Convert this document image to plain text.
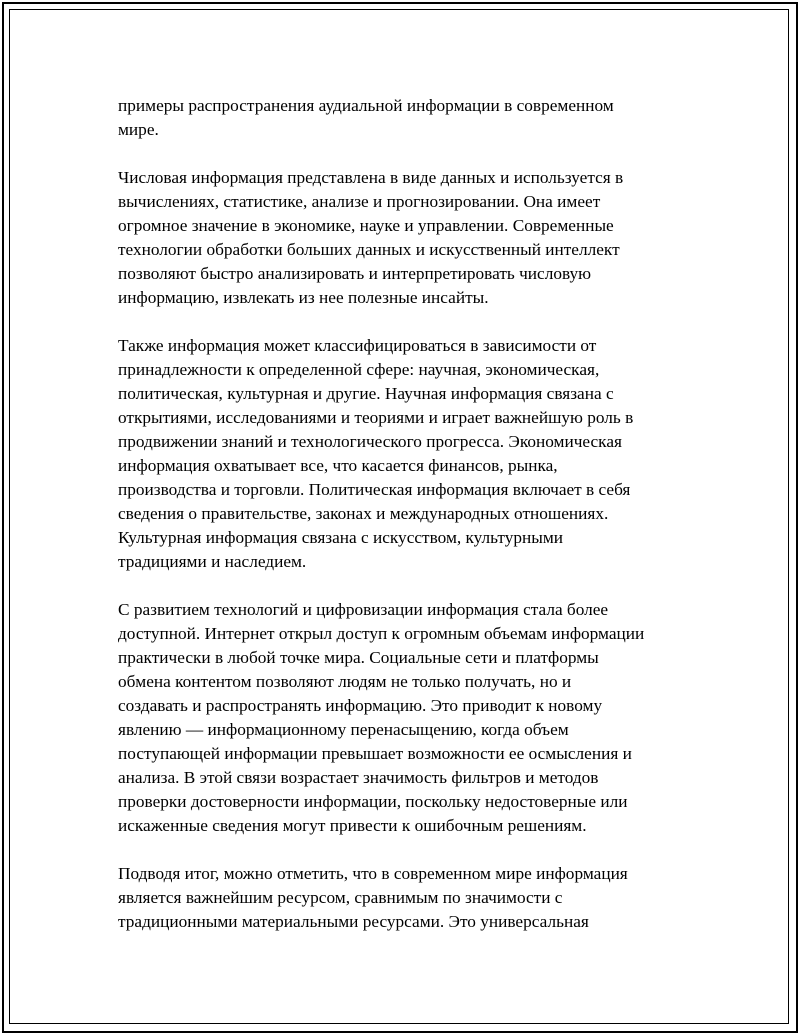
примеры распространения аудиальной информации в современном
мире.

Числовая информация представлена в виде данных и используется в
вычислениях, статистике, анализе и прогнозировании. Она имеет
огромное значение в экономике, науке и управлении. Современные
технологии обработки больших данных и искусственный интеллект
позволяют быстро анализировать и интерпретировать числовую
информацию, извлекать из нее полезные инсайты.

Также информация может классифицироваться в зависимости от
принадлежности к определенной сфере: научная, экономическая,
политическая, культурная и другие. Научная информация связана с
открытиями, исследованиями и теориями и играет важнейшую роль в
продвижении знаний и технологического прогресса. Экономическая
информация охватывает все, что касается финансов, рынка,
производства и торговли. Политическая информация включает в себя
сведения о правительстве, законах и международных отношениях.
Культурная информация связана с искусством, культурными
традициями и наследием.

С развитием технологий и цифровизации информация стала более
доступной. Интернет открыл доступ к огромным объемам информации
практически в любой точке мира. Социальные сети и платформы
обмена контентом позволяют людям не только получать, но и
создавать и распространять информацию. Это приводит к новому
явлению — информационному перенасыщению, когда объем
поступающей информации превышает возможности ее осмысления и
анализа. В этой связи возрастает значимость фильтров и методов
проверки достоверности информации, поскольку недостоверные или
искаженные сведения могут привести к ошибочным решениям.

Подводя итог, можно отметить, что в современном мире информация
является важнейшим ресурсом, сравнимым по значимости с
традиционными материальными ресурсами. Это универсальная
